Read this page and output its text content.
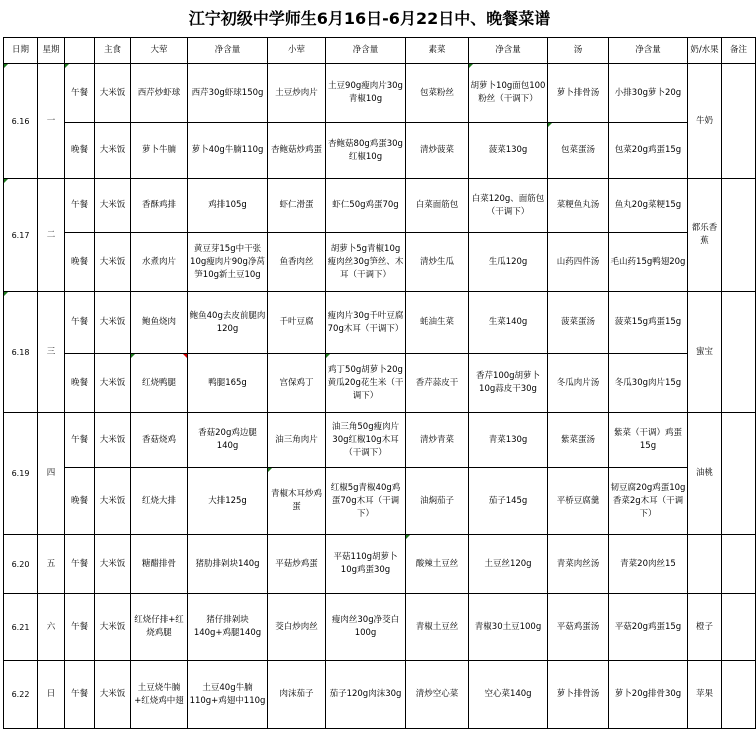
江宁初级中学师生6月16日-6月22日中、晚餐菜谱
日期	星期		主食	大荤	净含量	小荤	净含量	素菜	净含量	汤	净含量	奶/水果	备注
6.16	一	午餐	大米饭	西芹炒虾球	西芹30g虾球150g	土豆炒肉片	土豆90g瘦肉片30g青椒10g	包菜粉丝	胡萝卜10g面包100粉丝（干调下）	萝卜排骨汤	小排30g萝卜20g	牛奶	
		晚餐	大米饭	萝卜牛腩	萝卜40g牛腩110g	杏鲍菇炒鸡蛋	杏鲍菇80g鸡蛋30g红椒10g	清炒菠菜	菠菜130g	包菜蛋汤	包菜20g鸡蛋15g		
6.17	二	午餐	大米饭	香酥鸡排	鸡排105g	虾仁滑蛋	虾仁50g鸡蛋70g	白菜面筋包	白菜120g、面筋包（干调下）	菜粳鱼丸汤	鱼丸20g菜粳15g	都乐香蕉	
		晚餐	大米饭	水煮肉片	黄豆芽15g中干张10g瘦肉片90g净莴笋10g新土豆10g	鱼香肉丝	胡萝卜5g青椒10g瘦肉丝30g笋丝、木耳（干调下）	清炒生瓜	生瓜120g	山药四件汤	毛山药15g鸭翅20g		
6.18	三	午餐	大米饭	鲍鱼烧肉	鲍鱼40g去皮前腿肉120g	千叶豆腐	瘦肉片30g千叶豆腐70g木耳（干调下）	蚝油生菜	生菜140g	菠菜蛋汤	菠菜15g鸡蛋15g	蜜宝	
		晚餐	大米饭	红烧鸭腿	鸭腿165g	宫保鸡丁	鸡丁50g胡萝卜20g黄瓜20g花生米（干调下）	香芹蒜皮干	香芹100g胡萝卜10g蒜皮干30g	冬瓜肉片汤	冬瓜30g肉片15g		
6.19	四	午餐	大米饭	香菇烧鸡	香菇20g鸡边腿140g	油三角肉片	油三角50g瘦肉片30g红椒10g木耳（干调下）	清炒青菜	青菜130g	紫菜蛋汤	紫菜（干调）鸡蛋15g	油桃	
		晚餐	大米饭	红烧大排	大排125g	青椒木耳炒鸡蛋	红椒5g青椒40g鸡蛋70g木耳（干调下）	油焖茄子	茄子145g	平桥豆腐羹	韧豆腐20g鸡蛋10g香菜2g木耳（干调下）		
6.20	五	午餐	大米饭	糖醋排骨	猪肋排剁块140g	平菇炒鸡蛋	平菇110g胡萝卜10g鸡蛋30g	酸辣土豆丝	土豆丝120g	青菜肉丝汤	青菜20肉丝15		
6.21	六	午餐	大米饭	红烧仔排+红烧鸡腿	猪仔排剁块140g+鸡腿140g	茭白炒肉丝	瘦肉丝30g净茭白100g	青椒土豆丝	青椒30土豆100g	平菇鸡蛋汤	平菇20g鸡蛋15g	橙子	
6.22	日	午餐	大米饭	土豆烧牛腩+红烧鸡中翅	土豆40g牛腩110g+鸡翅中110g	肉沫茄子	茄子120g肉沫30g	清炒空心菜	空心菜140g	萝卜排骨汤	萝卜20g排骨30g	苹果	
